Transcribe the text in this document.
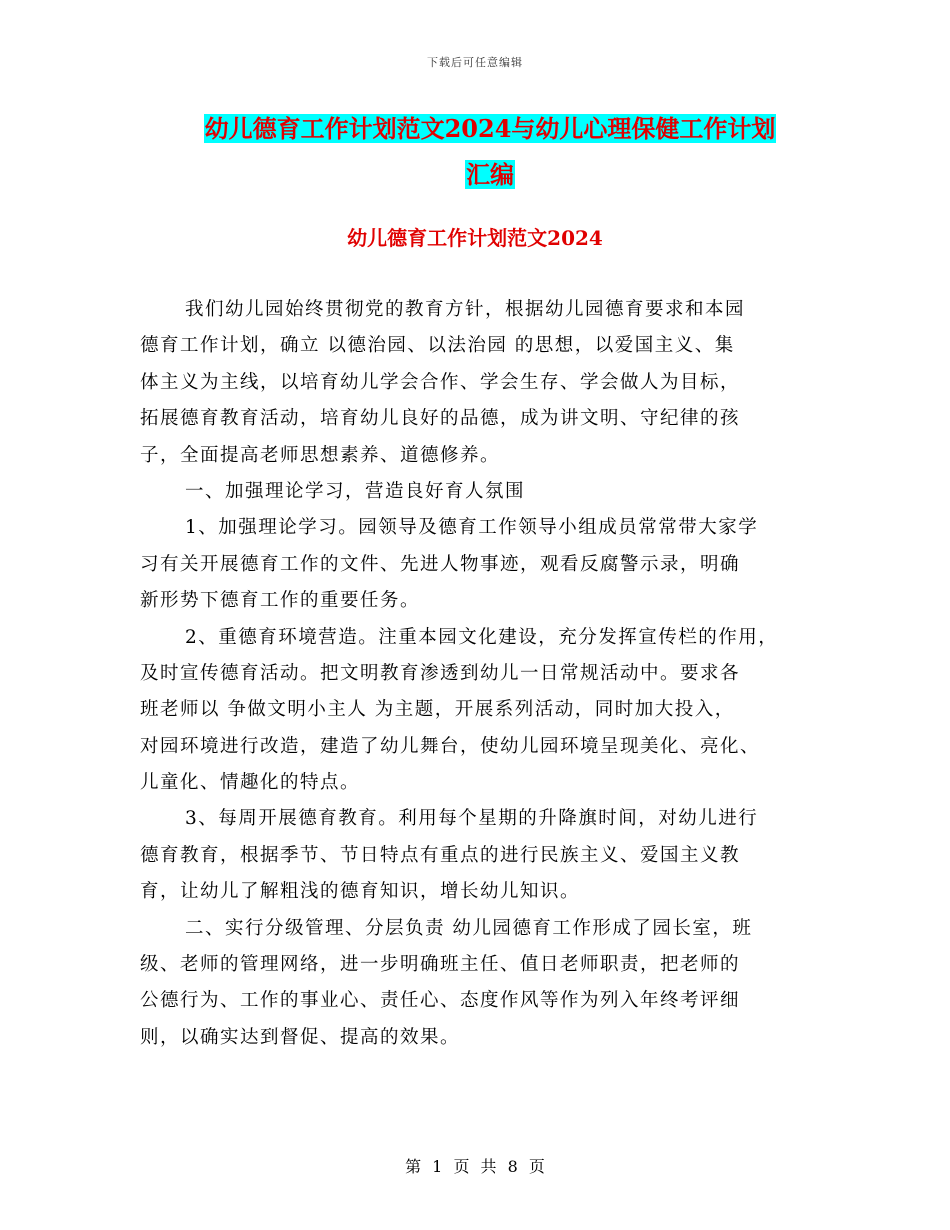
下载后可任意编辑
幼儿德育工作计划范文2024与幼儿心理保健工作计划
汇编
幼儿德育工作计划范文2024
我们幼儿园始终贯彻党的教育方针，根据幼儿园德育要求和本园
德育工作计划，确立 以德治园、以法治园 的思想，以爱国主义、集
体主义为主线，以培育幼儿学会合作、学会生存、学会做人为目标，
拓展德育教育活动，培育幼儿良好的品德，成为讲文明、守纪律的孩
子，全面提高老师思想素养、道德修养。
一、加强理论学习，营造良好育人氛围
1、加强理论学习。园领导及德育工作领导小组成员常常带大家学
习有关开展德育工作的文件、先进人物事迹，观看反腐警示录，明确
新形势下德育工作的重要任务。
2、重德育环境营造。注重本园文化建设，充分发挥宣传栏的作用，
及时宣传德育活动。把文明教育渗透到幼儿一日常规活动中。要求各
班老师以 争做文明小主人 为主题，开展系列活动，同时加大投入，
对园环境进行改造，建造了幼儿舞台，使幼儿园环境呈现美化、亮化、
儿童化、情趣化的特点。
3、每周开展德育教育。利用每个星期的升降旗时间，对幼儿进行
德育教育，根据季节、节日特点有重点的进行民族主义、爱国主义教
育，让幼儿了解粗浅的德育知识，增长幼儿知识。
二、实行分级管理、分层负责 幼儿园德育工作形成了园长室，班
级、老师的管理网络，进一步明确班主任、值日老师职责，把老师的
公德行为、工作的事业心、责任心、态度作风等作为列入年终考评细
则，以确实达到督促、提高的效果。
第 1 页 共 8 页
